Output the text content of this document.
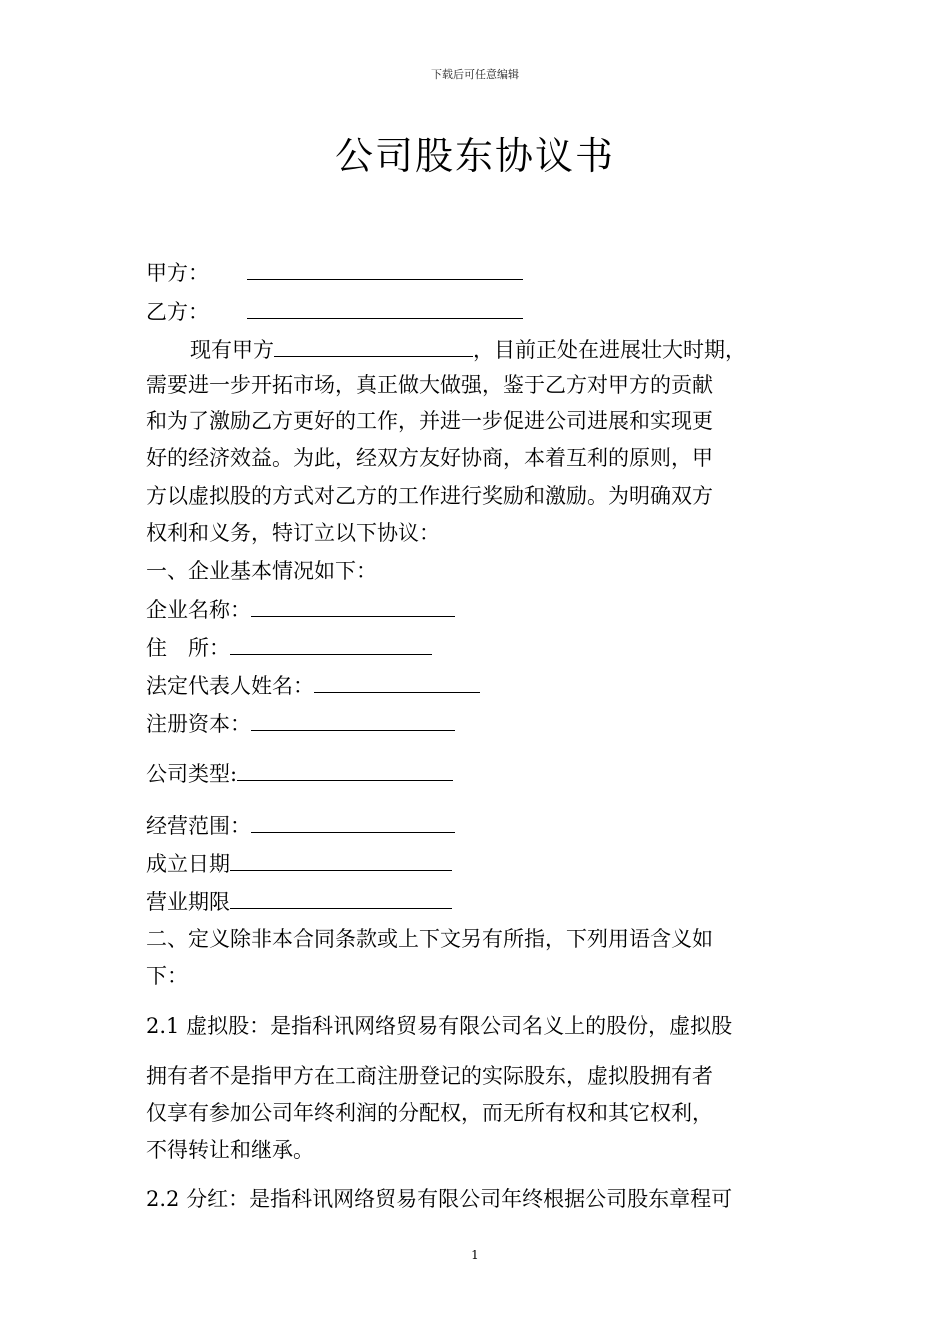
下载后可任意编辑
公司股东协议书
甲方：
乙方：
现有甲方	，目前正处在进展壮大时期，
需要进一步开拓市场，真正做大做强，鉴于乙方对甲方的贡献
和为了激励乙方更好的工作，并进一步促进公司进展和实现更
好的经济效益。为此，经双方友好协商，本着互利的原则，甲
方以虚拟股的方式对乙方的工作进行奖励和激励。为明确双方
权利和义务，特订立以下协议：
一、企业基本情况如下：
企业名称：
住　所：
法定代表人姓名：
注册资本：
公司类型:
经营范围：
成立日期
营业期限
二、定义除非本合同条款或上下文另有所指，下列用语含义如
下：
2.1 虚拟股：是指科讯网络贸易有限公司名义上的股份，虚拟股
拥有者不是指甲方在工商注册登记的实际股东，虚拟股拥有者
仅享有参加公司年终利润的分配权，而无所有权和其它权利，
不得转让和继承。
2.2 分红：是指科讯网络贸易有限公司年终根据公司股东章程可
1
